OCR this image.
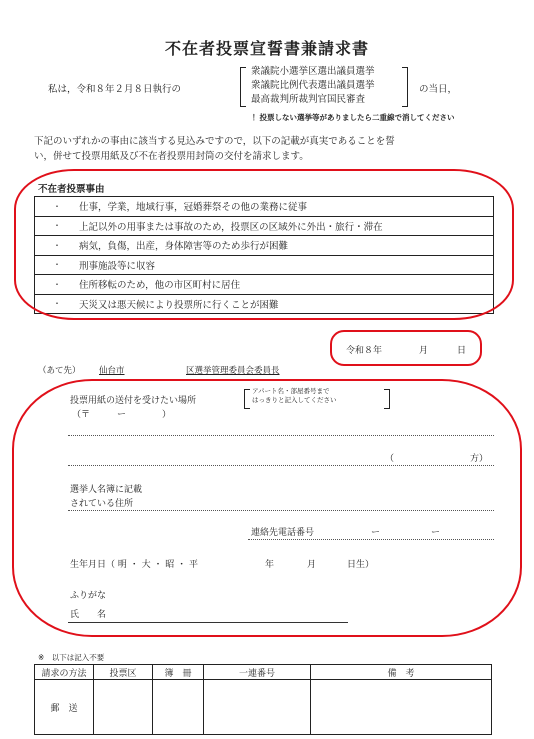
不在者投票宣誓書兼請求書
私は，令和８年２月８日執行の
衆議院小選挙区選出議員選挙
衆議院比例代表選出議員選挙
最高裁判所裁判官国民審査
の当日，
！投票しない選挙等がありましたら二重線で消してください
下記のいずれかの事由に該当する見込みですので，以下の記載が真実であることを誓
い，併せて投票用紙及び不在者投票用封筒の交付を請求します。
不在者投票事由
・	仕事，学業，地域行事，冠婚葬祭その他の業務に従事
・	上記以外の用事または事故のため，投票区の区域外に外出・旅行・滞在
・	病気，負傷，出産，身体障害等のため歩行が困難
・	刑事施設等に収容
・	住所移転のため，他の市区町村に居住
・	天災又は悪天候により投票所に行くことが困難
令和８年	月	日
（あて先） 仙台市	区選挙管理委員会委員長
投票用紙の送付を受けたい場所
（〒　　　ー　　　　）
アパート名・部屋番号まで
はっきりと記入してください
（	方）
選挙人名簿に記載
されている住所
連絡先電話番号	ー	ー
生年月日（ 明 ・ 大 ・ 昭 ・ 平	年	月	日生）
ふりがな
氏　　名
※　以下は記入不要
請求の方法	投票区	簿　冊	一連番号	備　考
郵　送				
